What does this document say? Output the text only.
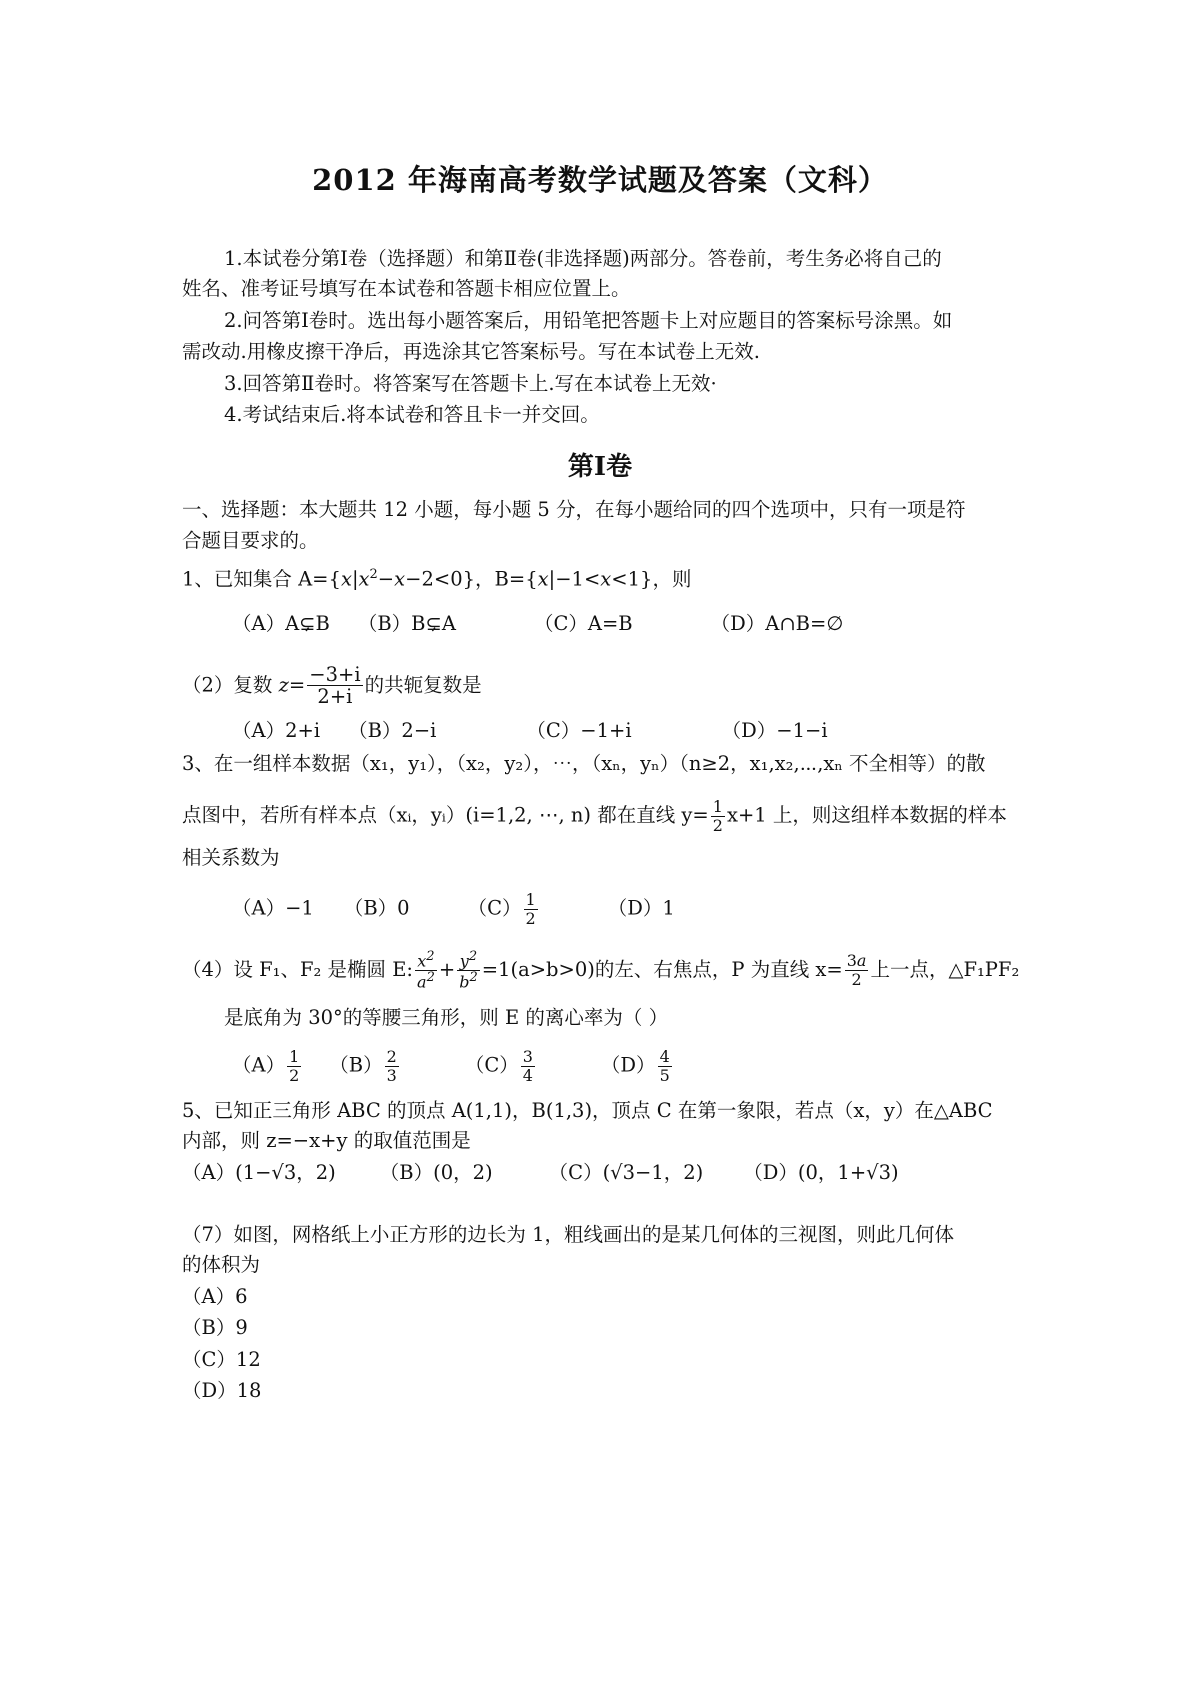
2012 年海南高考数学试题及答案（文科）
1.本试卷分第Ⅰ卷（选择题）和第Ⅱ卷(非选择题)两部分。答卷前，考生务必将自己的
姓名、准考证号填写在本试卷和答题卡相应位置上。
2.问答第Ⅰ卷时。选出每小题答案后，用铅笔把答题卡上对应题目的答案标号涂黑。如
需改动.用橡皮擦干净后，再选涂其它答案标号。写在本试卷上无效.
3.回答第Ⅱ卷时。将答案写在答题卡上.写在本试卷上无效·
4.考试结束后.将本试卷和答且卡一并交回。
第Ⅰ卷
一、选择题：本大题共 12 小题，每小题 5 分，在每小题给同的四个选项中，只有一项是符
合题目要求的。
1、已知集合 $A=\{x|x^2-x-2<0\}$，B={x|−1<x<1}，则
（A）A⊊B （B）B⊊A	（C）A=B	（D）A∩B=∅
（2）复数 $z= \frac{-3+i}{2+i}$ 的共轭复数是
（A）2+i （B）2−i	（C）−1+i	（D）−1−i
3、在一组样本数据（x₁，y₁），（x₂，y₂），⋯，（xₙ，yₙ）（n≥2，x₁,x₂,⋯,xₙ 不全相等）的散
点图中，若所有样本点（xᵢ，yᵢ）(i=1,2, ⋯, n) 都在直线 $y= \frac{1}{2} x+1$ 上，则这组样本数据的样本
相关系数为
（A）−1 （B）0	$(C) \frac{1}{2}$	（D）1
（4）设 F₁、F₂ 是椭圆 E: $\frac{x^2}{a^2} + \frac{y^2}{b^2} =1(a>b>0)$的左、右焦点，P 为直线 $x= \frac{3a}{2}$ 上一点，△F₁PF₂
是底角为 30°的等腰三角形，则 E 的离心率为（ ）
$(A) \frac{1}{2} (B) \frac{2}{3}$	$(C) \frac{3}{4}$	$(D) \frac{4}{5}$
5、已知正三角形 ABC 的顶点 A(1,1)，B(1,3)，顶点 C 在第一象限，若点（x，y）在△ABC
内部，则 z=−x+y 的取值范围是
（A）(1−√3，2) （B）(0，2)	（C）(√3−1，2) （D）(0，1+√3)
（7）如图，网格纸上小正方形的边长为 1，粗线画出的是某几何体的三视图，则此几何体
的体积为
（A）6
（B）9
（C）12
（D）18
